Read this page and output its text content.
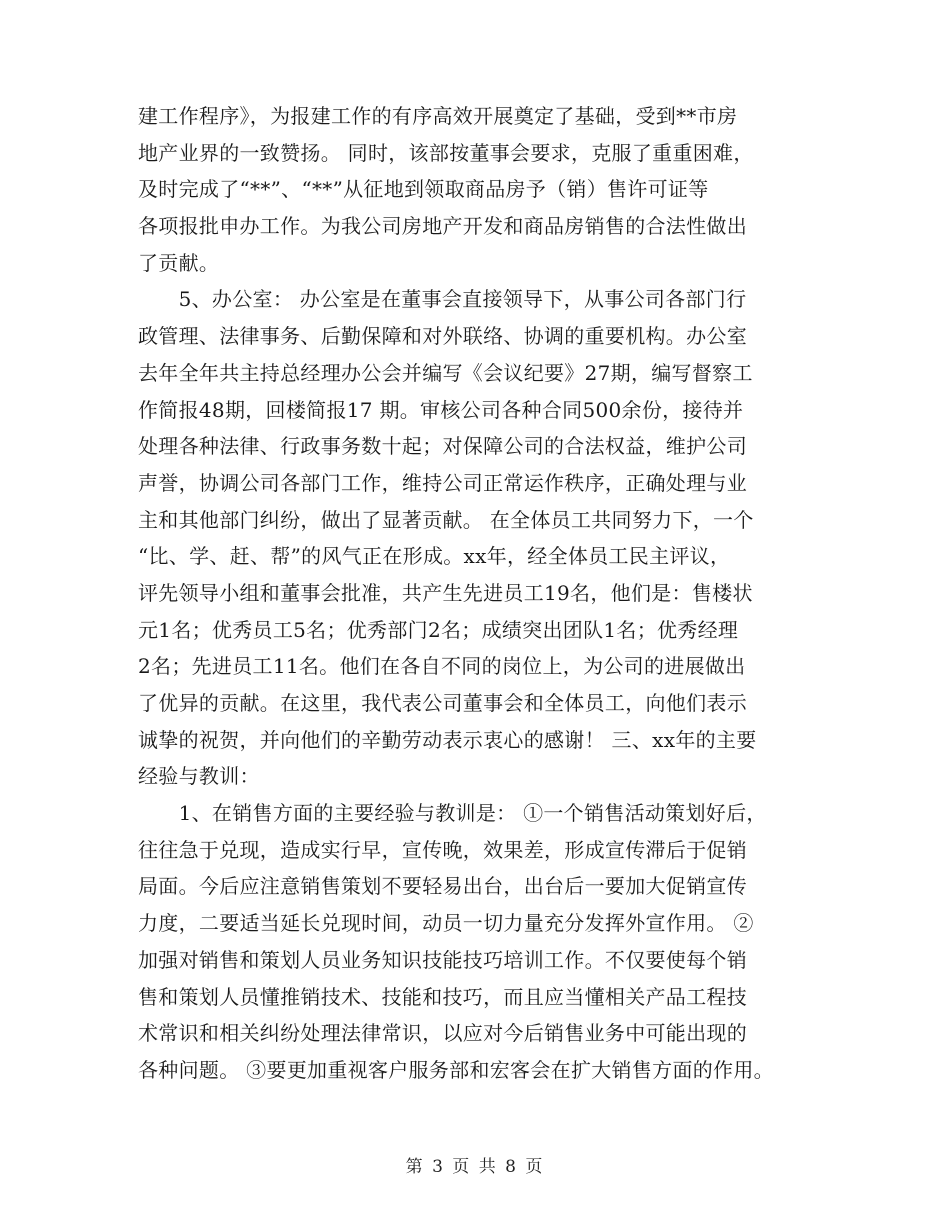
建工作程序》，为报建工作的有序高效开展奠定了基础，受到**市房
地产业界的一致赞扬。 同时，该部按董事会要求，克服了重重困难，
及时完成了“**”、“**”从征地到领取商品房予（销）售许可证等
各项报批申办工作。为我公司房地产开发和商品房销售的合法性做出
了贡献。
　　5、办公室： 办公室是在董事会直接领导下，从事公司各部门行
政管理、法律事务、后勤保障和对外联络、协调的重要机构。办公室
去年全年共主持总经理办公会并编写《会议纪要》27期，编写督察工
作简报48期，回楼简报17 期。审核公司各种合同500余份，接待并
处理各种法律、行政事务数十起；对保障公司的合法权益，维护公司
声誉，协调公司各部门工作，维持公司正常运作秩序，正确处理与业
主和其他部门纠纷，做出了显著贡献。 在全体员工共同努力下，一个
“比、学、赶、帮”的风气正在形成。xx年，经全体员工民主评议，
评先领导小组和董事会批准，共产生先进员工19名，他们是：售楼状
元1名；优秀员工5名；优秀部门2名；成绩突出团队1名；优秀经理
2名；先进员工11名。他们在各自不同的岗位上，为公司的进展做出
了优异的贡献。在这里，我代表公司董事会和全体员工，向他们表示
诚挚的祝贺，并向他们的辛勤劳动表示衷心的感谢！ 三、xx年的主要
经验与教训：
　　1、在销售方面的主要经验与教训是： ①一个销售活动策划好后，
往往急于兑现，造成实行早，宣传晚，效果差，形成宣传滞后于促销
局面。今后应注意销售策划不要轻易出台，出台后一要加大促销宣传
力度，二要适当延长兑现时间，动员一切力量充分发挥外宣作用。 ②
加强对销售和策划人员业务知识技能技巧培训工作。不仅要使每个销
售和策划人员懂推销技术、技能和技巧，而且应当懂相关产品工程技
术常识和相关纠纷处理法律常识，以应对今后销售业务中可能出现的
各种问题。 ③要更加重视客户服务部和宏客会在扩大销售方面的作用。

第 3 页 共 8 页
